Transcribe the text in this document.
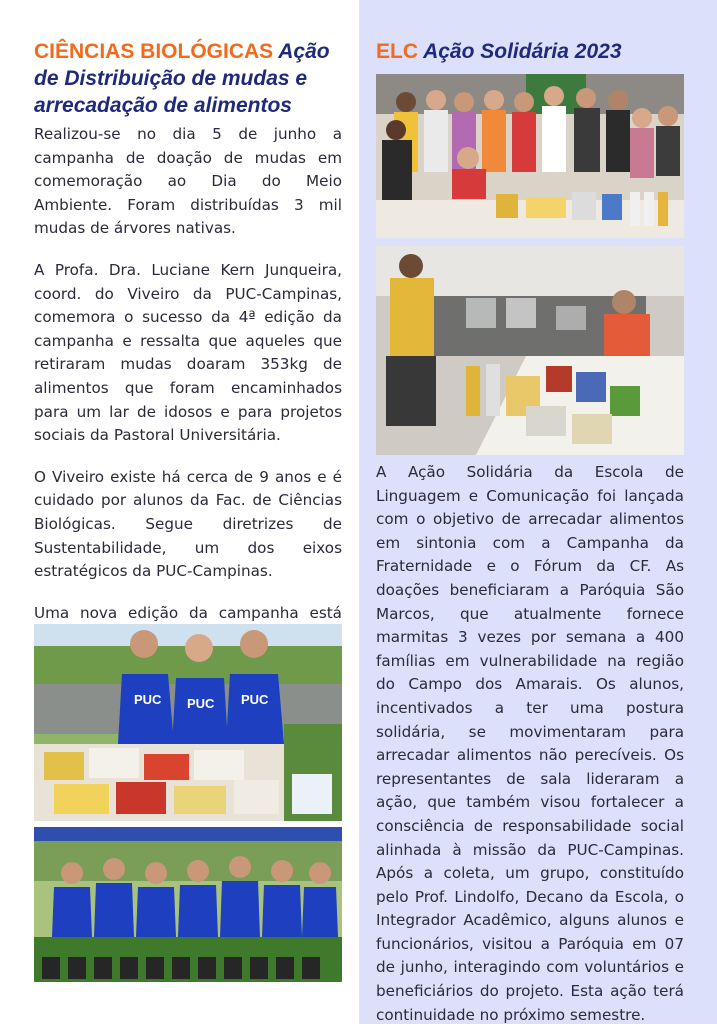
CIÊNCIAS BIOLÓGICAS Ação de Distribuição de mudas e arrecadação de alimentos

Realizou-se no dia 5 de junho a campanha de doação de mudas em comemoração ao Dia do Meio Ambiente. Foram distribuídas 3 mil mudas de árvores nativas.

A Profa. Dra. Luciane Kern Junqueira, coord. do Viveiro da PUC-Campinas, comemora o sucesso da 4ª edição da campanha e ressalta que aqueles que retiraram mudas doaram 353kg de alimentos que foram encaminhados para um lar de idosos e para projetos sociais da Pastoral Universitária.

O Viveiro existe há cerca de 9 anos e é cuidado por alunos da Fac. de Ciências Biológicas. Segue diretrizes de Sustentabilidade, um dos eixos estratégicos da PUC-Campinas.

Uma nova edição da campanha está

PUC PUC PUC
ELC Ação Solidária 2023

A Ação Solidária da Escola de Linguagem e Comunicação foi lançada com o objetivo de arrecadar alimentos em sintonia com a Campanha da Fraternidade e o Fórum da CF. As doações beneficiaram a Paróquia São Marcos, que atualmente fornece marmitas 3 vezes por semana a 400 famílias em vulnerabilidade na região do Campo dos Amarais. Os alunos, incentivados a ter uma postura solidária, se movimentaram para arrecadar alimentos não perecíveis. Os representantes de sala lideraram a ação, que também visou fortalecer a consciência de responsabilidade social alinhada à missão da PUC-Campinas. Após a coleta, um grupo, constituído pelo Prof. Lindolfo, Decano da Escola, o Integrador Acadêmico, alguns alunos e funcionários, visitou a Paróquia em 07 de junho, interagindo com voluntários e beneficiários do projeto. Esta ação terá continuidade no próximo semestre.
